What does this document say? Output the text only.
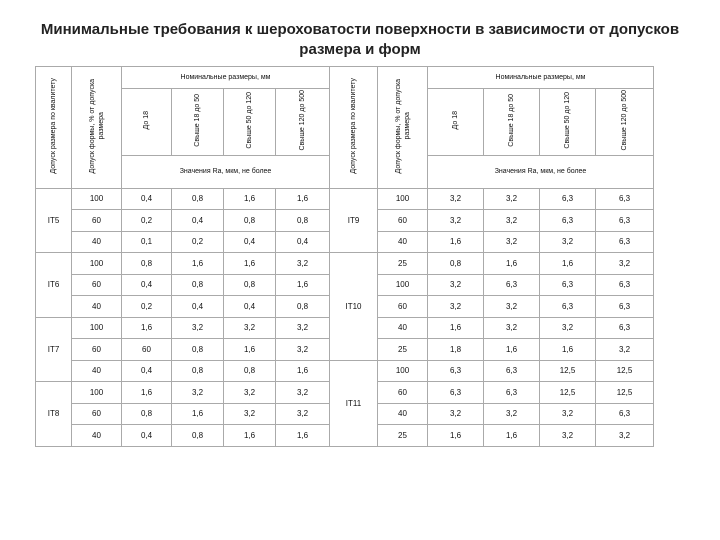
Минимальные требования к шероховатости поверхности в зависимости от допусков размера и форм
Допуск размера по квалитету	Допуск формы, % от допуска размера	Номинальные размеры, мм				Допуск размера по квалитету	Допуск формы, % от допуска размера	Номинальные размеры, мм			
		До 18	Свыше 18 до 50	Свыше 50 до 120	Свыше 120 до 500			До 18	Свыше 18 до 50	Свыше 50 до 120	Свыше 120 до 500
		Значения Ra, мкм, не более						Значения Ra, мкм, не более			
IT5	100	0,4	0,8	1,6	1,6	IT9	100	3,2	3,2	6,3	6,3
	60	0,2	0,4	0,8	0,8		60	3,2	3,2	6,3	6,3
	40	0,1	0,2	0,4	0,4		40	1,6	3,2	3,2	6,3
IT6	100	0,8	1,6	1,6	3,2	IT10	25	0,8	1,6	1,6	3,2
	60	0,4	0,8	0,8	1,6		100	3,2	6,3	6,3	6,3
	40	0,2	0,4	0,4	0,8		60	3,2	3,2	6,3	6,3
IT7	100	1,6	3,2	3,2	3,2		40	1,6	3,2	3,2	6,3
	60	60	0,8	1,6	3,2		25	1,8	1,6	1,6	3,2
	40	0,4	0,8	0,8	1,6	IT11	100	6,3	6,3	12,5	12,5
IT8	100	1,6	3,2	3,2	3,2		60	6,3	6,3	12,5	12,5
	60	0,8	1,6	3,2	3,2		40	3,2	3,2	3,2	6,3
	40	0,4	0,8	1,6	1,6		25	1,6	1,6	3,2	3,2
